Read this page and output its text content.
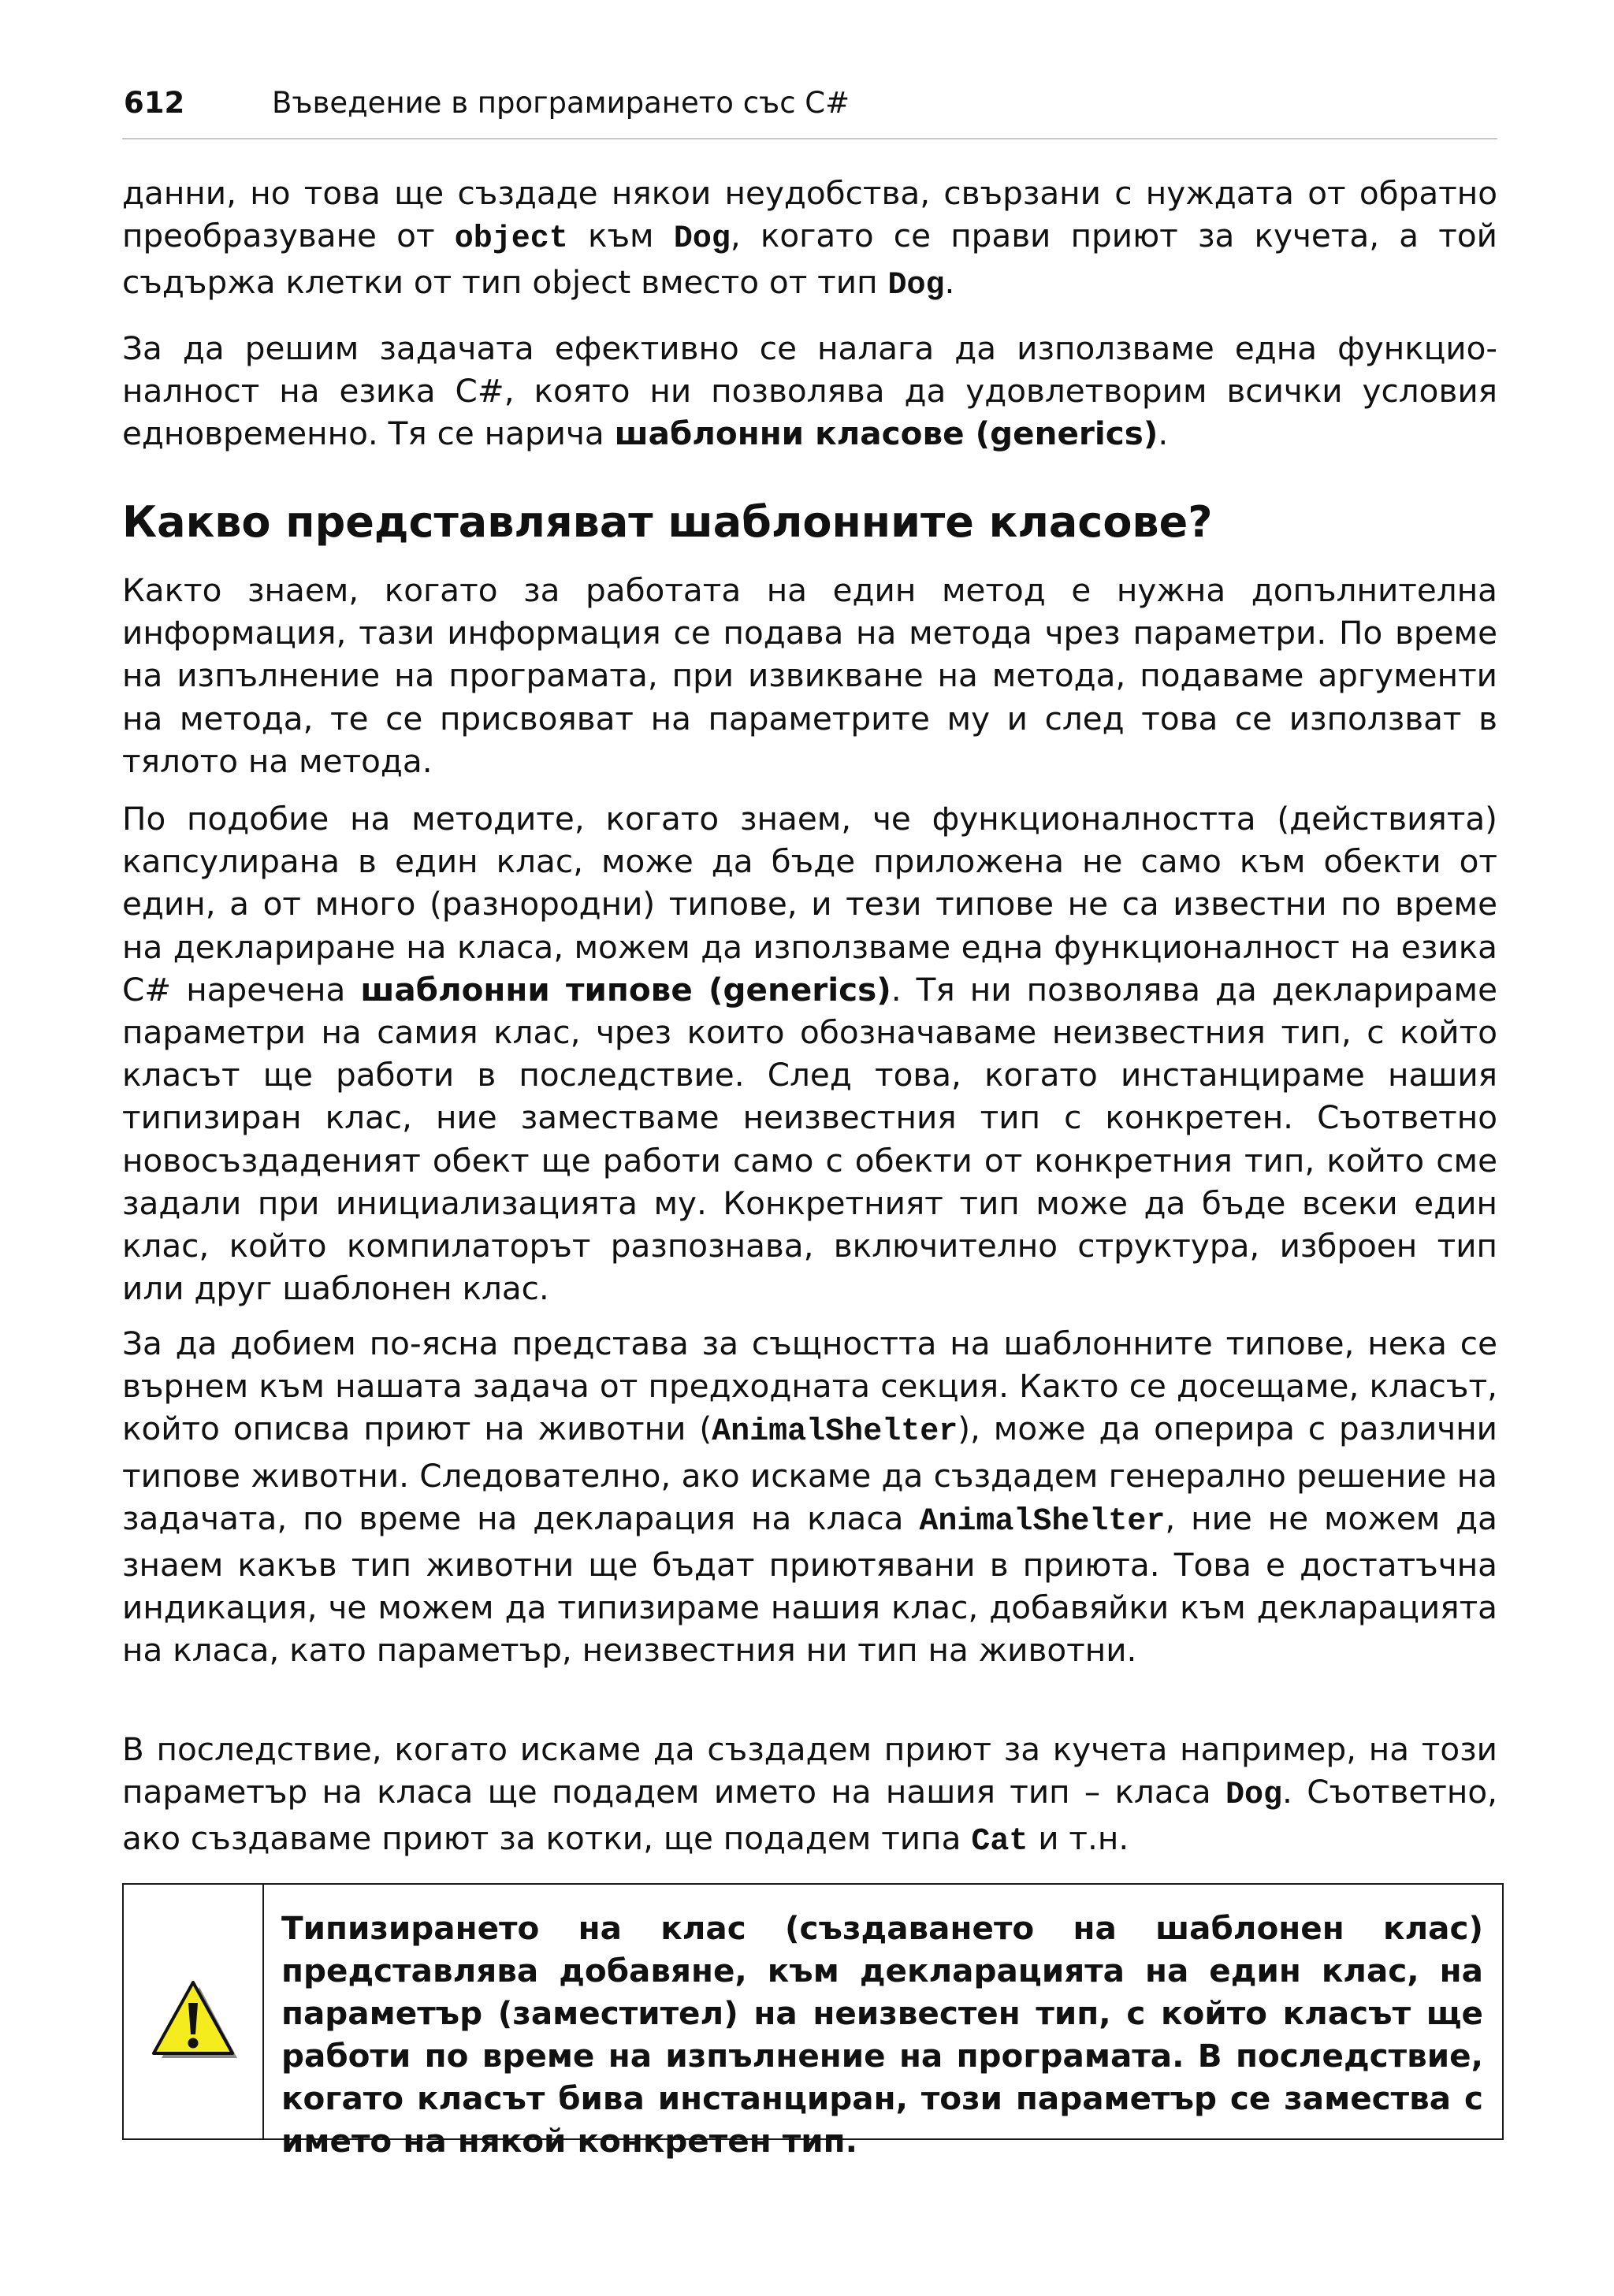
612	Въведение в програмирането със C#

данни, но това ще създаде някои неудобства, свързани с нуждата от обратно преобразуване от object към Dog, когато се прави приют за кучета, а той съдържа клетки от тип object вместо от тип Dog.

За да решим задачата ефективно се налага да използваме една функционалност на езика C#, която ни позволява да удовлетворим всички условия едновременно. Тя се нарича шаблонни класове (generics).

Какво представляват шаблонните класове?

Както знаем, когато за работата на един метод е нужна допълнителна информация, тази информация се подава на метода чрез параметри. По време на изпълнение на програмата, при извикване на метода, подаваме аргументи на метода, те се присвояват на параметрите му и след това се използват в тялото на метода.

По подобие на методите, когато знаем, че функционалността (действията) капсулирана в един клас, може да бъде приложена не само към обекти от един, а от много (разнородни) типове, и тези типове не са известни по време на деклариране на класа, можем да използваме една функционалност на езика C# наречена шаблонни типове (generics). Тя ни позволява да декларираме параметри на самия клас, чрез които обозначаваме неизвестния тип, с който класът ще работи в последствие. След това, когато инстанцираме нашия типизиран клас, ние заместваме неизвестния тип с конкретен. Съответно новосъздаденият обект ще работи само с обекти от конкретния тип, който сме задали при инициализацията му. Конкретният тип може да бъде всеки един клас, който компилаторът разпознава, включително структура, изброен тип или друг шаблонен клас.

За да добием по-ясна представа за същността на шаблонните типове, нека се върнем към нашата задача от предходната секция. Както се досещаме, класът, който описва приют на животни (AnimalShelter), може да оперира с различни типове животни. Следователно, ако искаме да създадем генерално решение на задачата, по време на декларация на класа AnimalShelter, ние не можем да знаем какъв тип животни ще бъдат приютявани в приюта. Това е достатъчна индикация, че можем да типизираме нашия клас, добавяйки към декларацията на класа, като параметър, неизвестния ни тип на животни.

В последствие, когато искаме да създадем приют за кучета например, на този параметър на класа ще подадем името на нашия тип – класа Dog. Съответно, ако създаваме приют за котки, ще подадем типа Cat и т.н.

Типизирането на клас (създаването на шаблонен клас) представлява добавяне, към декларацията на един клас, на параметър (заместител) на неизвестен тип, с който класът ще работи по време на изпълнение на програмата. В последствие, когато класът бива инстанциран, този параметър се замества с името на някой конкретен тип.
